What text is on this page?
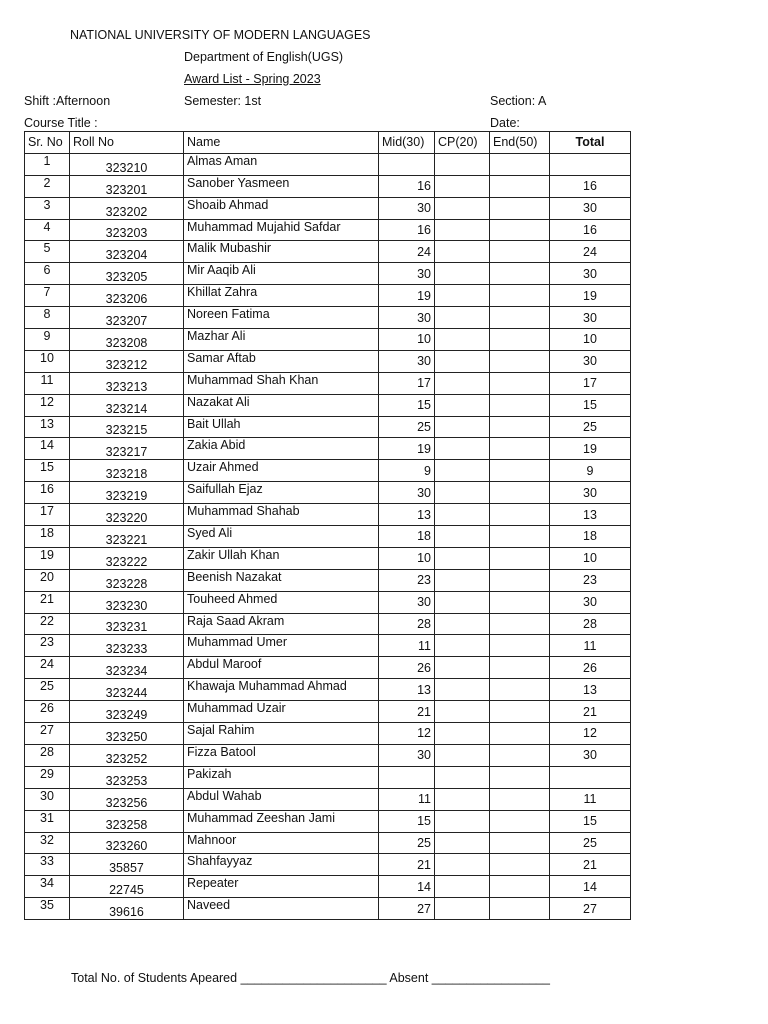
NATIONAL UNIVERSITY OF MODERN LANGUAGES
Department of English(UGS)
Award List - Spring 2023
Shift :Afternoon	Semester: 1st	Section: A
Course Title :	Date:
Sr. No	Roll No	Name	Mid(30)	CP(20)	End(50)	Total
1	323210	Almas Aman				
2	323201	Sanober Yasmeen	16			16
3	323202	Shoaib Ahmad	30			30
4	323203	Muhammad Mujahid Safdar	16			16
5	323204	Malik Mubashir	24			24
6	323205	Mir Aaqib Ali	30			30
7	323206	Khillat Zahra	19			19
8	323207	Noreen Fatima	30			30
9	323208	Mazhar Ali	10			10
10	323212	Samar Aftab	30			30
11	323213	Muhammad Shah Khan	17			17
12	323214	Nazakat Ali	15			15
13	323215	Bait Ullah	25			25
14	323217	Zakia Abid	19			19
15	323218	Uzair Ahmed	9			9
16	323219	Saifullah Ejaz	30			30
17	323220	Muhammad Shahab	13			13
18	323221	Syed Ali	18			18
19	323222	Zakir Ullah Khan	10			10
20	323228	Beenish Nazakat	23			23
21	323230	Touheed Ahmed	30			30
22	323231	Raja Saad Akram	28			28
23	323233	Muhammad Umer	11			11
24	323234	Abdul Maroof	26			26
25	323244	Khawaja Muhammad Ahmad	13			13
26	323249	Muhammad Uzair	21			21
27	323250	Sajal Rahim	12			12
28	323252	Fizza Batool	30			30
29	323253	Pakizah				
30	323256	Abdul Wahab	11			11
31	323258	Muhammad Zeeshan Jami	15			15
32	323260	Mahnoor	25			25
33	35857	Shahfayyaz	21			21
34	22745	Repeater	14			14
35	39616	Naveed	27			27
Total No. of Students Apeared _____________________ Absent _________________
